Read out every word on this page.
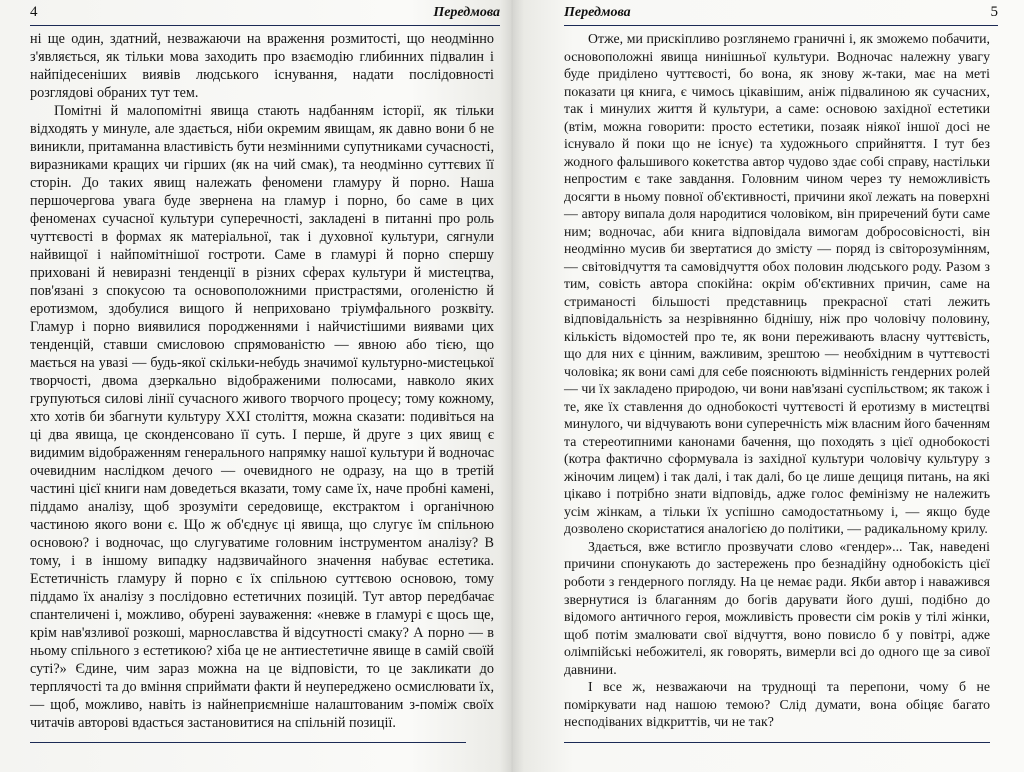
4	Передмова

ні ще один, здатний, незважаючи на враження розмитості, що неодмінно з'являється, як тільки мова заходить про взаємодію глибинних підвалин і найпідесеніших виявів людського існування, надати послідовності розглядові обраних тут тем.

Помітні й малопомітні явища стають надбанням історії, як тільки відходять у минуле, але здається, ніби окремим явищам, як давно вони б не виникли, притаманна властивість бути незмінними супутниками сучасності, виразниками кращих чи гірших (як на чий смак), та неодмінно суттєвих її сторін. До таких явищ належать феномени гламуру й порно. Наша першочергова увага буде звернена на гламур і порно, бо саме в цих феноменах сучасної культури суперечності, закладені в питанні про роль чуттєвості в формах як матеріальної, так і духовної культури, сягнули найвищої і найпомітнішої гостроти. Саме в гламурі й порно спершу приховані й невиразні тенденції в різних сферах культури й мистецтва, пов'язані з спокусою та основоположними пристрастями, оголеністю й еротизмом, здобулися вищого й неприховано тріумфального розквіту. Гламур і порно виявилися породженнями і найчистішими виявами цих тенденцій, ставши смисловою спрямованістю — явною або тією, що мається на увазі — будь-якої скільки-небудь значимої культурно-мистецької творчості, двома дзеркально відображеними полюсами, навколо яких групуються силові лінії сучасного живого творчого процесу; тому кожному, хто хотів би збагнути культуру XXI століття, можна сказати: подивіться на ці два явища, це сконденсовано її суть. І перше, й друге з цих явищ є видимим відображенням генерального напрямку нашої культури й водночас очевидним наслідком дечого — очевидного не одразу, на що в третій частині цієї книги нам доведеться вказати, тому саме їх, наче пробні камені, піддамо аналізу, щоб зрозуміти середовище, екстрактом і органічною частиною якого вони є. Що ж об'єднує ці явища, що слугує їм спільною основою? і водночас, що слугуватиме головним інструментом аналізу? В тому, і в іншому випадку надзвичайного значення набуває естетика. Естетичність гламуру й порно є їх спільною суттєвою основою, тому піддамо їх аналізу з послідовно естетичних позицій. Тут автор передбачає спантеличені і, можливо, обурені зауваження: «невже в гламурі є щось ще, крім нав'язливої розкоші, марнославства й відсутності смаку? А порно — в ньому спільного з естетикою? хіба це не антиестетичне явище в самій своїй суті?» Єдине, чим зараз можна на це відповісти, то це закликати до терплячості та до вміння сприймати факти й неупереджено осмислювати їх, — щоб, можливо, навіть із найнеприємніше налаштованим з-поміж своїх читачів авторові вдасться застановитися на спільній позиції.

Передмова	5

Отже, ми прискіпливо розглянемо граничні і, як зможемо побачити, основоположні явища нинішньої культури. Водночас належну увагу буде приділено чуттєвості, бо вона, як знову ж-таки, має на меті показати ця книга, є чимось цікавішим, аніж підвалиною як сучасних, так і минулих життя й культури, а саме: основою західної естетики (втім, можна говорити: просто естетики, позаяк ніякої іншої досі не існувало й поки що не існує) та художнього сприйняття. І тут без жодного фальшивого кокетства автор чудово здає собі справу, настільки непростим є таке завдання. Головним чином через ту неможливість досягти в ньому повної об'єктивності, причини якої лежать на поверхні — автору випала доля народитися чоловіком, він приречений бути саме ним; водночас, аби книга відповідала вимогам добросовісності, він неодмінно мусив би звертатися до змісту — поряд із світорозумінням, — світовідчуття та самовідчуття обох половин людського роду. Разом з тим, совість автора спокійна: окрім об'єктивних причин, саме на стриманості більшості представниць прекрасної статі лежить відповідальність за незрівнянно біднішу, ніж про чоловічу половину, кількість відомостей про те, як вони переживають власну чуттєвість, що для них є цінним, важливим, зрештою — необхідним в чуттєвості чоловіка; як вони самі для себе пояснюють відмінність гендерних ролей — чи їх закладено природою, чи вони нав'язані суспільством; як також і те, яке їх ставлення до однобокості чуттєвості й еротизму в мистецтві минулого, чи відчувають вони суперечність між власним його баченням та стереотипними канонами бачення, що походять з цієї однобокості (котра фактично сформувала із західної культури чоловічу культуру з жіночим лицем) і так далі, і так далі, бо це лише дещиця питань, на які цікаво і потрібно знати відповідь, адже голос фемінізму не належить усім жінкам, а тільки їх успішно самодостатньому і, — якщо буде дозволено скористатися аналогією до політики, — радикальному крилу.

Здається, вже встигло прозвучати слово «гендер»... Так, наведені причини спонукають до застережень про безнадійну однобокість цієї роботи з гендерного погляду. На це немає ради. Якби автор і наважився звернутися із благанням до богів дарувати його душі, подібно до відомого античного героя, можливість провести сім років у тілі жінки, щоб потім змалювати свої відчуття, воно повисло б у повітрі, адже олімпійські небожителі, як говорять, вимерли всі до одного ще за сивої давнини.

І все ж, незважаючи на труднощі та перепони, чому б не поміркувати над нашою темою? Слід думати, вона обіцяє багато несподіваних відкриттів, чи не так?
